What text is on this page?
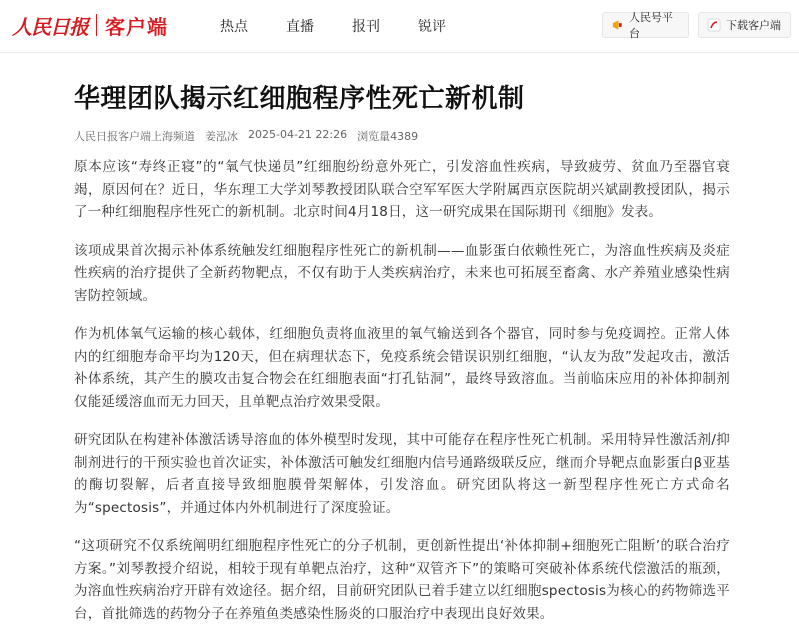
人民日报 客户端	热点	直播	报刊	锐评
人民号平台
下载客户端
华理团队揭示红细胞程序性死亡新机制
人民日报客户端上海频道 姜泓冰 2025-04-21 22:26 浏览量4389

原本应该“寿终正寝”的“氧气快递员”红细胞纷纷意外死亡，引发溶血性疾病，导致疲劳、贫血乃至器官衰竭，原因何在？近日，华东理工大学刘琴教授团队联合空军军医大学附属西京医院胡兴斌副教授团队，揭示了一种红细胞程序性死亡的新机制。北京时间4月18日，这一研究成果在国际期刊《细胞》发表。

该项成果首次揭示补体系统触发红细胞程序性死亡的新机制——血影蛋白依赖性死亡，为溶血性疾病及炎症性疾病的治疗提供了全新药物靶点，不仅有助于人类疾病治疗，未来也可拓展至畜禽、水产养殖业感染性病害防控领域。

作为机体氧气运输的核心载体，红细胞负责将血液里的氧气输送到各个器官，同时参与免疫调控。正常人体内的红细胞寿命平均为120天，但在病理状态下，免疫系统会错误识别红细胞，“认友为敌”发起攻击，激活补体系统，其产生的膜攻击复合物会在红细胞表面“打孔钻洞”，最终导致溶血。当前临床应用的补体抑制剂仅能延缓溶血而无力回天，且单靶点治疗效果受限。

研究团队在构建补体激活诱导溶血的体外模型时发现，其中可能存在程序性死亡机制。采用特异性激活剂/抑制剂进行的干预实验也首次证实，补体激活可触发红细胞内信号通路级联反应，继而介导靶点血影蛋白β亚基的酶切裂解，后者直接导致细胞膜骨架解体，引发溶血。研究团队将这一新型程序性死亡方式命名为“spectosis”，并通过体内外机制进行了深度验证。

“这项研究不仅系统阐明红细胞程序性死亡的分子机制，更创新性提出‘补体抑制+细胞死亡阻断’的联合治疗方案。”刘琴教授介绍说，相较于现有单靶点治疗，这种“双管齐下”的策略可突破补体系统代偿激活的瓶颈，为溶血性疾病治疗开辟有效途径。据介绍，目前研究团队已着手建立以红细胞spectosis为核心的药物筛选平台，首批筛选的药物分子在养殖鱼类感染性肠炎的口服治疗中表现出良好效果。
